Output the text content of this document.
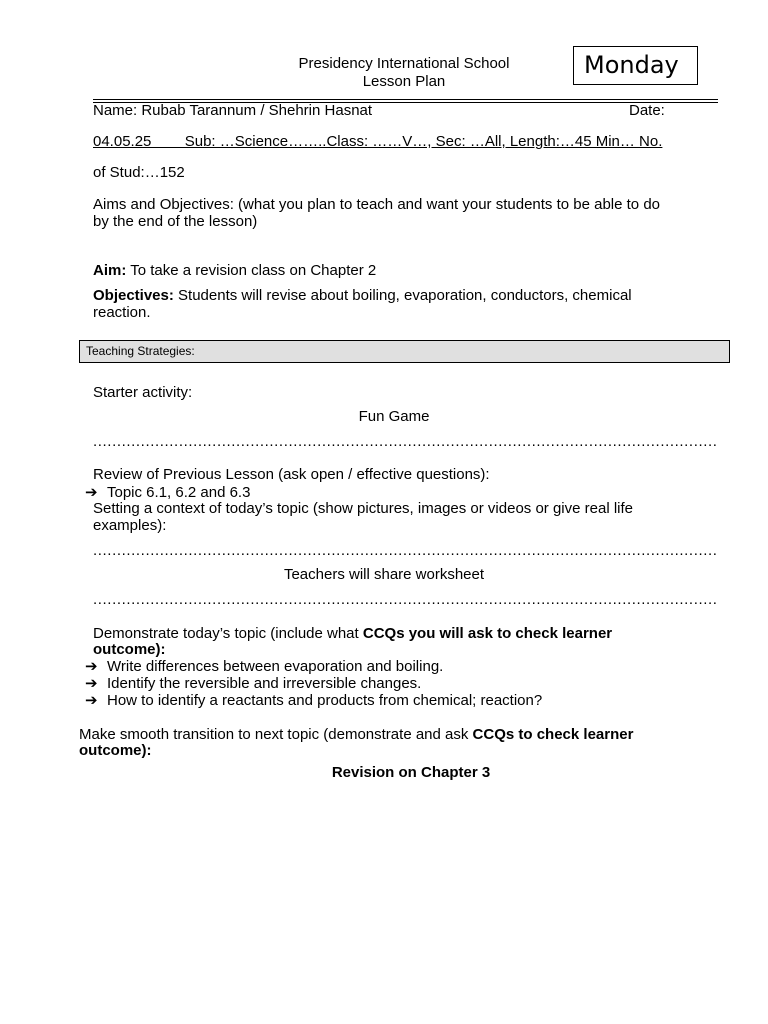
Presidency International School
Lesson Plan
Monday
Name: Rubab Tarannum / Shehrin Hasnat	Date:
04.05.25        Sub: …Science……..Class: ……V…, Sec: …All, Length:…45 Min… No.
of Stud:…152
Aims and Objectives: (what you plan to teach and want your students to be able to do
by the end of the lesson)
Aim: To take a revision class on Chapter 2
Objectives: Students will revise about boiling, evaporation, conductors, chemical
reaction.
Teaching Strategies:
Starter activity:
Fun Game
...................................................................................................................................
Review of Previous Lesson (ask open / effective questions):
➔ Topic 6.1, 6.2 and 6.3
Setting a context of today’s topic (show pictures, images or videos or give real life
examples):
...................................................................................................................................
Teachers will share worksheet
...................................................................................................................................
Demonstrate today’s topic (include what CCQs you will ask to check learner
outcome):
➔ Write differences between evaporation and boiling.
➔ Identify the reversible and irreversible changes.
➔ How to identify a reactants and products from chemical; reaction?
Make smooth transition to next topic (demonstrate and ask CCQs to check learner
outcome):
Revision on Chapter 3
